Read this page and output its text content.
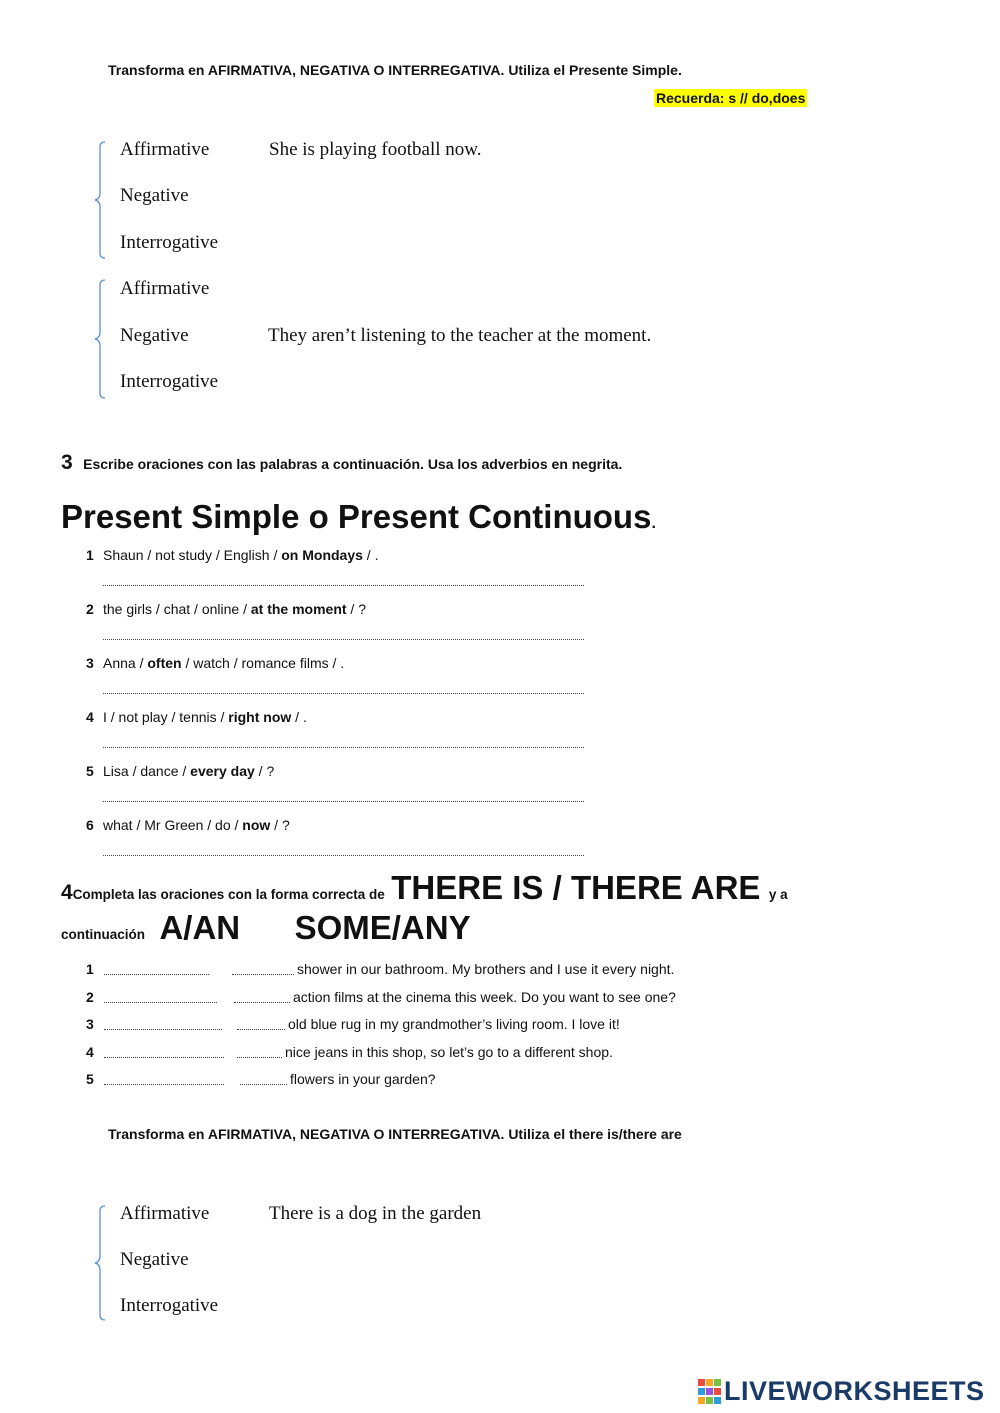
Transforma en AFIRMATIVA, NEGATIVA O INTERREGATIVA. Utiliza el Presente Simple.
Recuerda: s // do,does
Affirmative	She is playing football now.
Negative
Interrogative
Affirmative
Negative	They aren’t listening to the teacher at the moment.
Interrogative
3 Escribe oraciones con las palabras a continuación. Usa los adverbios en negrita.
Present Simple o Present Continuous.
1 Shaun / not study / English / on Mondays / .
2 the girls / chat / online / at the moment / ?
3 Anna / often / watch / romance films / .
4 I / not play / tennis / right now / .
5 Lisa / dance / every day / ?
6 what / Mr Green / do / now / ?
4Completa las oraciones con la forma correcta de THERE IS / THERE ARE y a
continuación A/AN SOME/ANY
1	shower in our bathroom. My brothers and I use it every night.
2	action films at the cinema this week. Do you want to see one?
3	old blue rug in my grandmother’s living room. I love it!
4	nice jeans in this shop, so let’s go to a different shop.
5	flowers in your garden?
Transforma en AFIRMATIVA, NEGATIVA O INTERREGATIVA. Utiliza el there is/there are
Affirmative	There is a dog in the garden
Negative
Interrogative
LIVEWORKSHEETS
